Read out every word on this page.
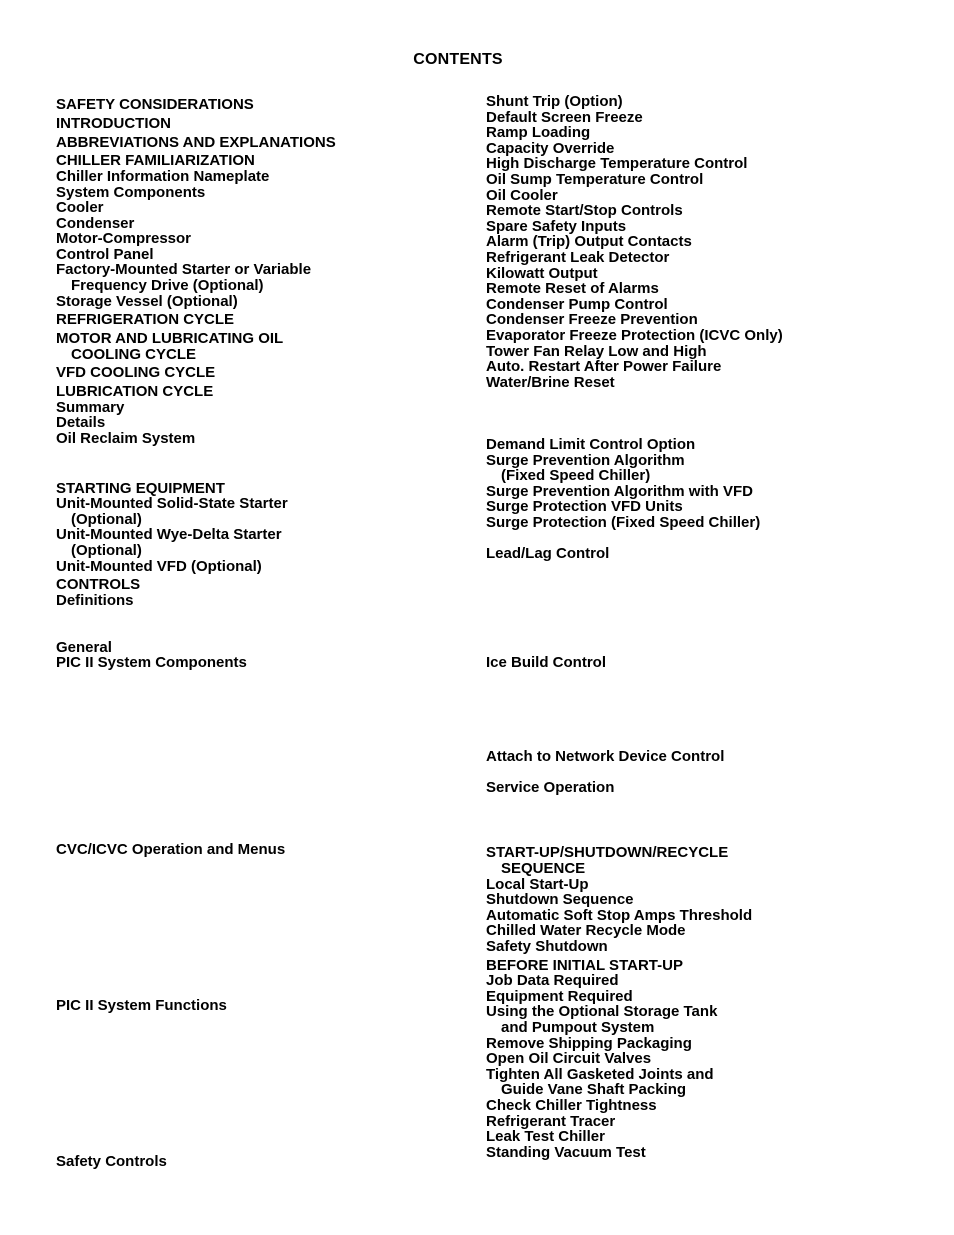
CONTENTS
SAFETY CONSIDERATIONS
INTRODUCTION
ABBREVIATIONS AND EXPLANATIONS
CHILLER FAMILIARIZATION
Chiller Information Nameplate
System Components
Cooler
Condenser
Motor-Compressor
Control Panel
Factory-Mounted Starter or Variable
Frequency Drive (Optional)
Storage Vessel (Optional)
REFRIGERATION CYCLE
MOTOR AND LUBRICATING OIL
COOLING CYCLE
VFD COOLING CYCLE
LUBRICATION CYCLE
Summary
Details
Oil Reclaim System
STARTING EQUIPMENT
Unit-Mounted Solid-State Starter
(Optional)
Unit-Mounted Wye-Delta Starter
(Optional)
Unit-Mounted VFD (Optional)
CONTROLS
Definitions
General
PIC II System Components
CVC/ICVC Operation and Menus
PIC II System Functions
Safety Controls
Shunt Trip (Option)
Default Screen Freeze
Ramp Loading
Capacity Override
High Discharge Temperature Control
Oil Sump Temperature Control
Oil Cooler
Remote Start/Stop Controls
Spare Safety Inputs
Alarm (Trip) Output Contacts
Refrigerant Leak Detector
Kilowatt Output
Remote Reset of Alarms
Condenser Pump Control
Condenser Freeze Prevention
Evaporator Freeze Protection (ICVC Only)
Tower Fan Relay Low and High
Auto. Restart After Power Failure
Water/Brine Reset
Demand Limit Control Option
Surge Prevention Algorithm
(Fixed Speed Chiller)
Surge Prevention Algorithm with VFD
Surge Protection VFD Units
Surge Protection (Fixed Speed Chiller)
Lead/Lag Control
Ice Build Control
Attach to Network Device Control
Service Operation
START-UP/SHUTDOWN/RECYCLE
SEQUENCE
Local Start-Up
Shutdown Sequence
Automatic Soft Stop Amps Threshold
Chilled Water Recycle Mode
Safety Shutdown
BEFORE INITIAL START-UP
Job Data Required
Equipment Required
Using the Optional Storage Tank
and Pumpout System
Remove Shipping Packaging
Open Oil Circuit Valves
Tighten All Gasketed Joints and
Guide Vane Shaft Packing
Check Chiller Tightness
Refrigerant Tracer
Leak Test Chiller
Standing Vacuum Test
